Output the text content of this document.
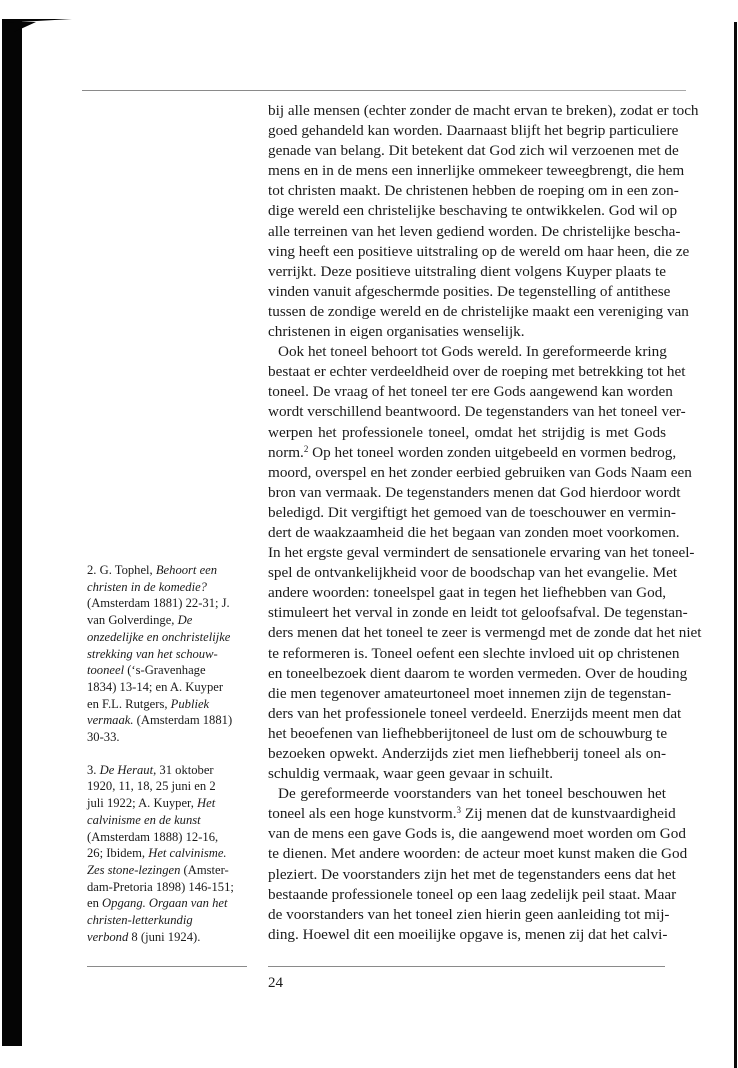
2. G. Tophel, Behoort een
christen in de komedie?
(Amsterdam 1881) 22-31; J.
van Golverdinge, De
onzedelijke en onchristelijke
strekking van het schouw-
tooneel (‘s-Gravenhage
1834) 13-14; en A. Kuyper
en F.L. Rutgers, Publiek
vermaak. (Amsterdam 1881)
30-33.
3. De Heraut, 31 oktober
1920, 11, 18, 25 juni en 2
juli 1922; A. Kuyper, Het
calvinisme en de kunst
(Amsterdam 1888) 12-16,
26; Ibidem, Het calvinisme.
Zes stone-lezingen (Amster-
dam-Pretoria 1898) 146-151;
en Opgang. Orgaan van het
christen-letterkundig
verbond 8 (juni 1924).
bij alle mensen (echter zonder de macht ervan te breken), zodat er toch
goed gehandeld kan worden. Daarnaast blijft het begrip particuliere
genade van belang. Dit betekent dat God zich wil verzoenen met de
mens en in de mens een innerlijke ommekeer teweegbrengt, die hem
tot christen maakt. De christenen hebben de roeping om in een zon-
dige wereld een christelijke beschaving te ontwikkelen. God wil op
alle terreinen van het leven gediend worden. De christelijke bescha-
ving heeft een positieve uitstraling op de wereld om haar heen, die ze
verrijkt. Deze positieve uitstraling dient volgens Kuyper plaats te
vinden vanuit afgeschermde posities. De tegenstelling of antithese
tussen de zondige wereld en de christelijke maakt een vereniging van
christenen in eigen organisaties wenselijk.
Ook het toneel behoort tot Gods wereld. In gereformeerde kring
bestaat er echter verdeeldheid over de roeping met betrekking tot het
toneel. De vraag of het toneel ter ere Gods aangewend kan worden
wordt verschillend beantwoord. De tegenstanders van het toneel ver-
werpen het professionele toneel, omdat het strijdig is met Gods
norm.$^2$ Op het toneel worden zonden uitgebeeld en vormen bedrog,
moord, overspel en het zonder eerbied gebruiken van Gods Naam een
bron van vermaak. De tegenstanders menen dat God hierdoor wordt
beledigd. Dit vergiftigt het gemoed van de toeschouwer en vermin-
dert de waakzaamheid die het begaan van zonden moet voorkomen.
In het ergste geval vermindert de sensationele ervaring van het toneel-
spel de ontvankelijkheid voor de boodschap van het evangelie. Met
andere woorden: toneelspel gaat in tegen het liefhebben van God,
stimuleert het verval in zonde en leidt tot geloofsafval. De tegenstan-
ders menen dat het toneel te zeer is vermengd met de zonde dat het niet
te reformeren is. Toneel oefent een slechte invloed uit op christenen
en toneelbezoek dient daarom te worden vermeden. Over de houding
die men tegenover amateurtoneel moet innemen zijn de tegenstan-
ders van het professionele toneel verdeeld. Enerzijds meent men dat
het beoefenen van liefhebberijtoneel de lust om de schouwburg te
bezoeken opwekt. Anderzijds ziet men liefhebberij toneel als on-
schuldig vermaak, waar geen gevaar in schuilt.
De gereformeerde voorstanders van het toneel beschouwen het
toneel als een hoge kunstvorm.$^3$ Zij menen dat de kunstvaardigheid
van de mens een gave Gods is, die aangewend moet worden om God
te dienen. Met andere woorden: de acteur moet kunst maken die God
pleziert. De voorstanders zijn het met de tegenstanders eens dat het
bestaande professionele toneel op een laag zedelijk peil staat. Maar
de voorstanders van het toneel zien hierin geen aanleiding tot mij-
ding. Hoewel dit een moeilijke opgave is, menen zij dat het calvi-
24
